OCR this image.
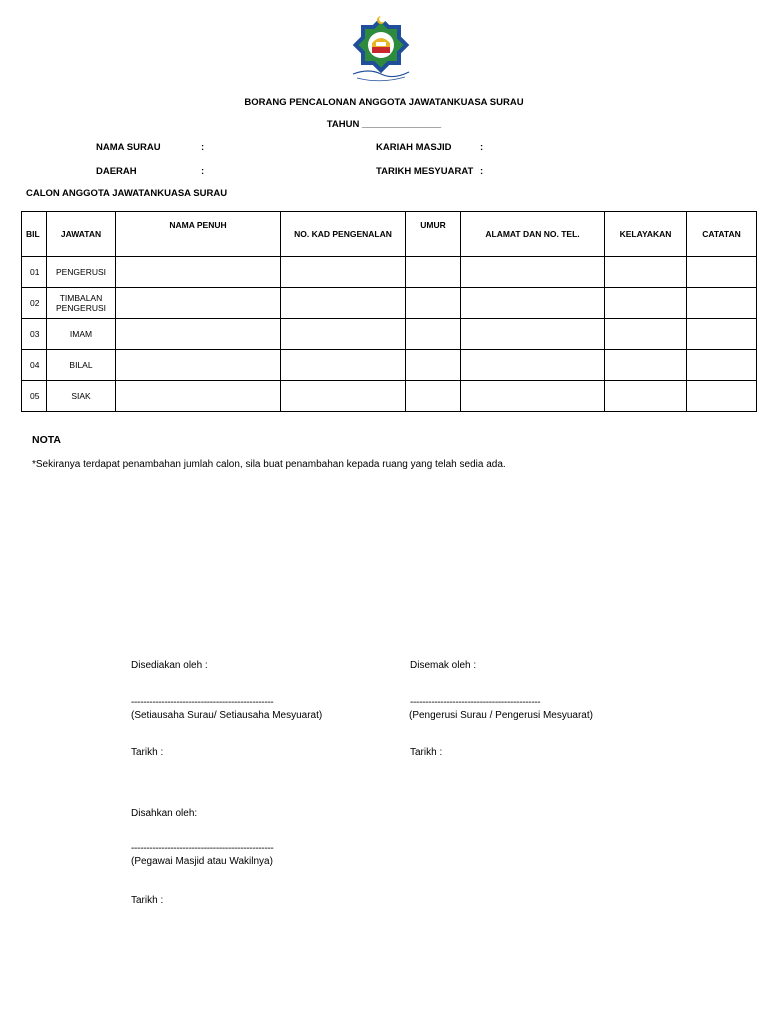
BORANG PENCALONAN ANGGOTA JAWATANKUASA SURAU
TAHUN _______________
NAMA SURAU	:
DAERAH	:
KARIAH MASJID	:
TARIKH MESYUARAT :
CALON ANGGOTA JAWATANKUASA SURAU
BIL	JAWATAN	NAMA PENUH	NO. KAD PENGENALAN	UMUR	ALAMAT DAN NO. TEL.	KELAYAKAN	CATATAN
01	PENGERUSI						
02	TIMBALAN
PENGERUSI						

03	IMAM						
04	BILAL						
05	SIAK						
NOTA
*Sekiranya terdapat penambahan jumlah calon, sila buat penambahan kepada ruang yang telah sedia ada.
Disediakan oleh :
-----------------------------------------------
(Setiausaha Surau/ Setiausaha Mesyuarat)
Tarikh :
Disemak oleh :
-------------------------------------------
(Pengerusi Surau / Pengerusi Mesyuarat)
Tarikh :
Disahkan oleh:
-----------------------------------------------
(Pegawai Masjid atau Wakilnya)
Tarikh :
